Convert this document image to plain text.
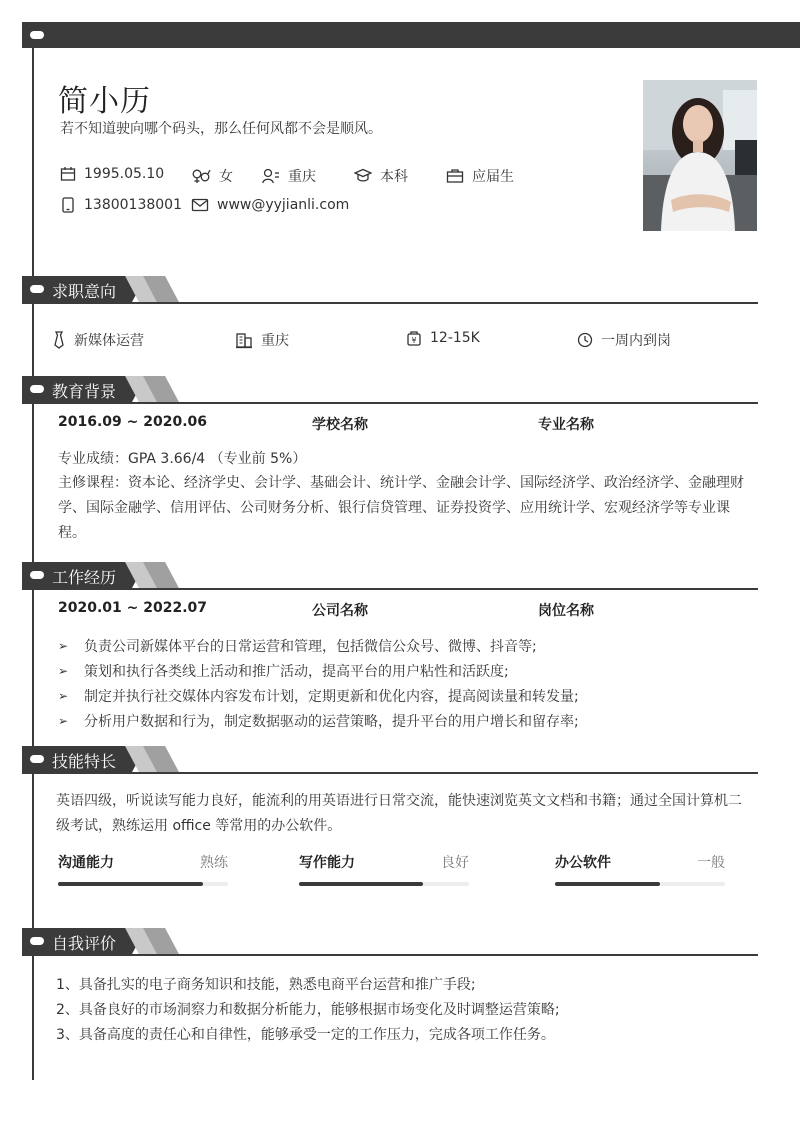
简小历
若不知道驶向哪个码头，那么任何风都不会是顺风。
1995.05.10	女	重庆	本科	应届生
13800138001	www@yyjianli.com
求职意向
新媒体运营	重庆	¥ 12-15K	一周内到岗
教育背景
2016.09 ~ 2020.06	学校名称	专业名称
专业成绩：GPA 3.66/4 （专业前 5%）
主修课程：资本论、经济学史、会计学、基础会计、统计学、金融会计学、国际经济学、政治经济学、金融理财学、国际金融学、信用评估、公司财务分析、银行信贷管理、证券投资学、应用统计学、宏观经济学等专业课程。
工作经历
2020.01 ~ 2022.07	公司名称	岗位名称
➢	负责公司新媒体平台的日常运营和管理，包括微信公众号、微博、抖音等;
➢	策划和执行各类线上活动和推广活动，提高平台的用户粘性和活跃度;
➢	制定并执行社交媒体内容发布计划，定期更新和优化内容，提高阅读量和转发量;
➢	分析用户数据和行为，制定数据驱动的运营策略，提升平台的用户增长和留存率;
技能特长
英语四级，听说读写能力良好，能流利的用英语进行日常交流，能快速浏览英文文档和书籍；通过全国计算机二级考试，熟练运用 office 等常用的办公软件。
沟通能力	熟练	写作能力	良好	办公软件	一般
自我评价
1、具备扎实的电子商务知识和技能，熟悉电商平台运营和推广手段;
2、具备良好的市场洞察力和数据分析能力，能够根据市场变化及时调整运营策略;
3、具备高度的责任心和自律性，能够承受一定的工作压力，完成各项工作任务。
